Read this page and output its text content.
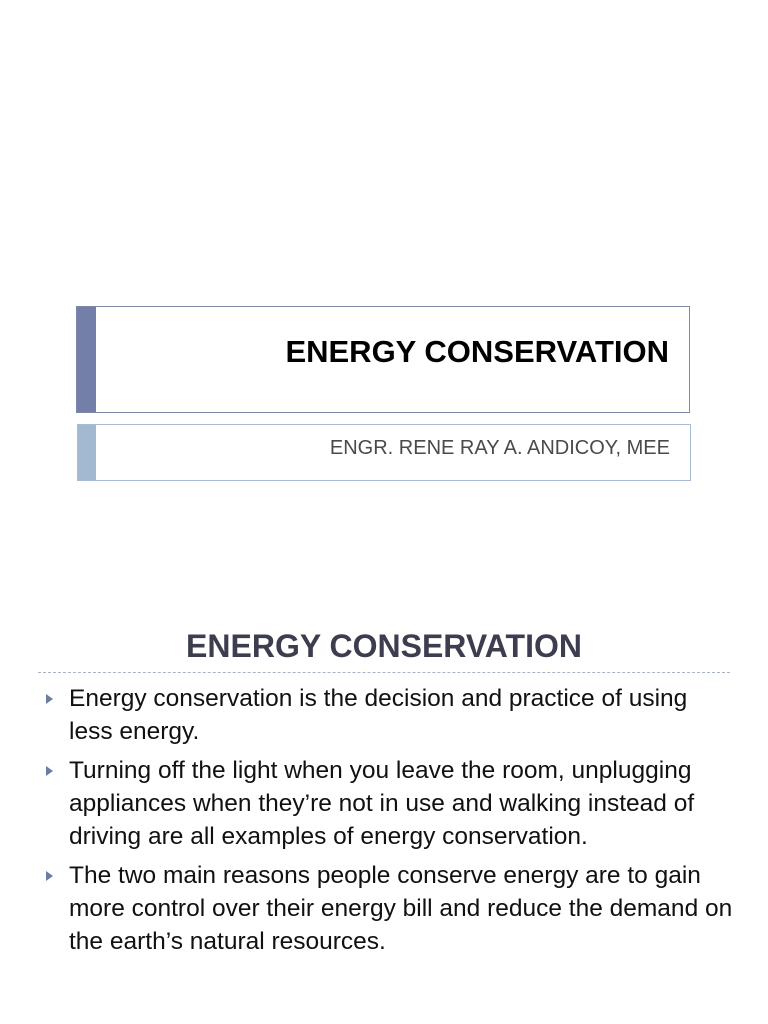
ENERGY CONSERVATION
ENGR. RENE RAY A. ANDICOY, MEE
ENERGY CONSERVATION
Energy conservation is the decision and practice of using less energy.
Turning off the light when you leave the room, unplugging appliances when they’re not in use and walking instead of driving are all examples of energy conservation.
The two main reasons people conserve energy are to gain more control over their energy bill and reduce the demand on the earth’s natural resources.
